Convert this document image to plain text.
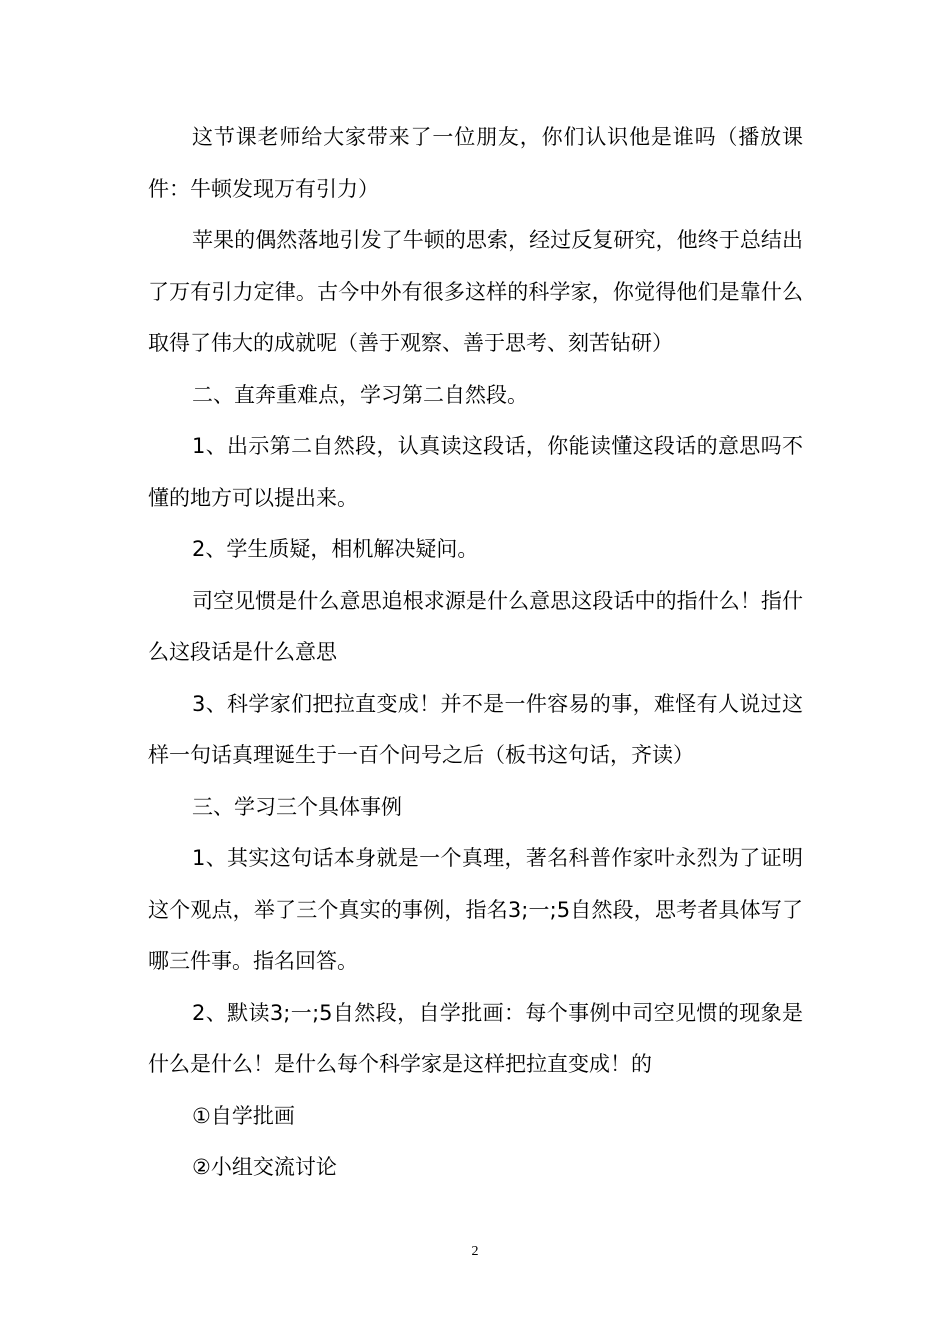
这节课老师给大家带来了一位朋友，你们认识他是谁吗（播放课件：牛顿发现万有引力）

苹果的偶然落地引发了牛顿的思索，经过反复研究，他终于总结出了万有引力定律。古今中外有很多这样的科学家，你觉得他们是靠什么取得了伟大的成就呢（善于观察、善于思考、刻苦钻研）

二、直奔重难点，学习第二自然段。

1、出示第二自然段，认真读这段话，你能读懂这段话的意思吗不懂的地方可以提出来。

2、学生质疑，相机解决疑问。

司空见惯是什么意思追根求源是什么意思这段话中的指什么！指什么这段话是什么意思

3、科学家们把拉直变成！并不是一件容易的事，难怪有人说过这样一句话真理诞生于一百个问号之后（板书这句话，齐读）

三、学习三个具体事例

1、其实这句话本身就是一个真理，著名科普作家叶永烈为了证明这个观点，举了三个真实的事例，指名3;一;5自然段，思考者具体写了哪三件事。指名回答。

2、默读3;一;5自然段，自学批画：每个事例中司空见惯的现象是什么是什么！是什么每个科学家是这样把拉直变成！的

①自学批画

②小组交流讨论

2
